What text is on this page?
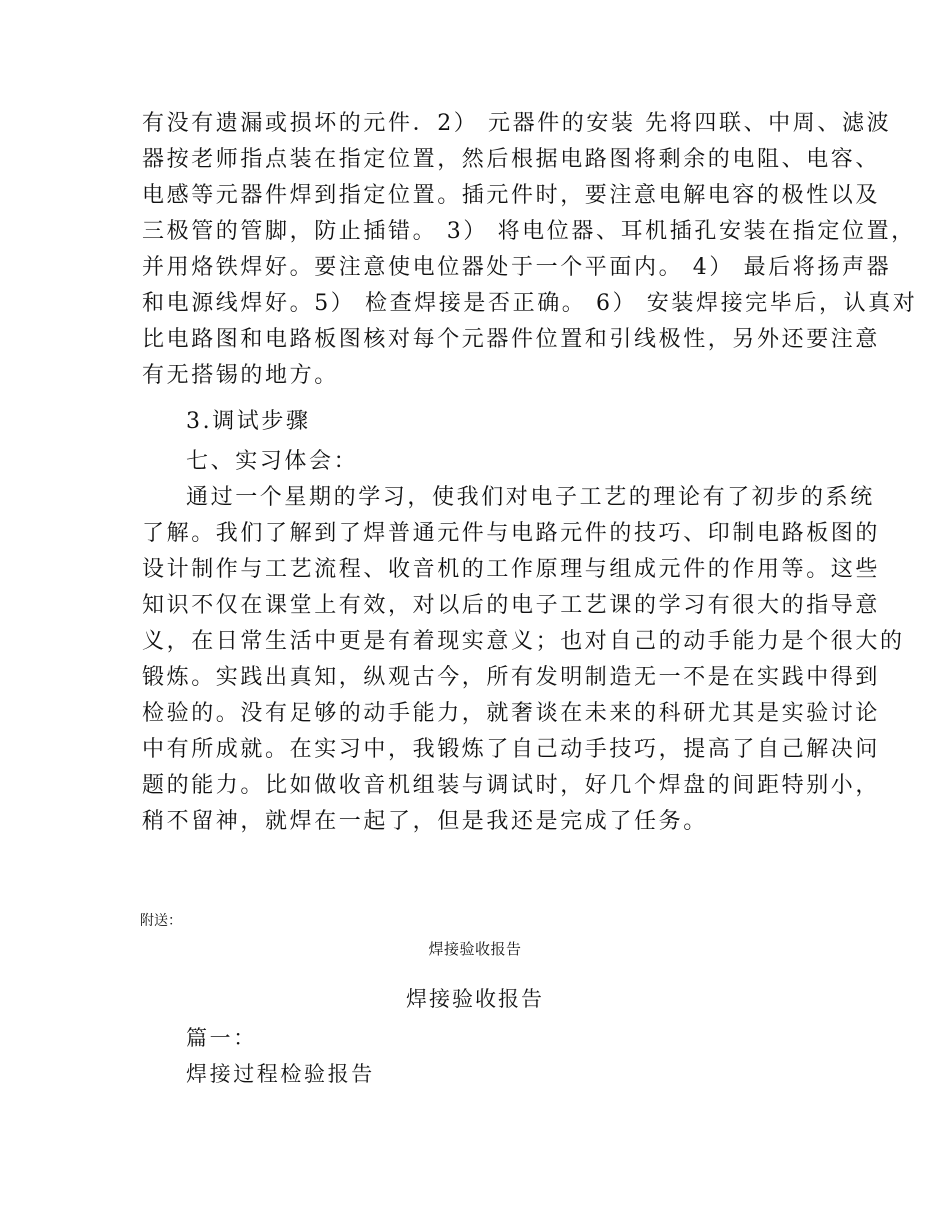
有没有遗漏或损坏的元件．2） 元器件的安装 先将四联、中周、滤波
器按老师指点装在指定位置，然后根据电路图将剩余的电阻、电容、
电感等元器件焊到指定位置。插元件时，要注意电解电容的极性以及
三极管的管脚，防止插错。 3） 将电位器、耳机插孔安装在指定位置，
并用烙铁焊好。要注意使电位器处于一个平面内。 4） 最后将扬声器
和电源线焊好。5） 检查焊接是否正确。 6） 安装焊接完毕后，认真对
比电路图和电路板图核对每个元器件位置和引线极性，另外还要注意
有无搭锡的地方。
3.调试步骤
七、实习体会：
通过一个星期的学习，使我们对电子工艺的理论有了初步的系统
了解。我们了解到了焊普通元件与电路元件的技巧、印制电路板图的
设计制作与工艺流程、收音机的工作原理与组成元件的作用等。这些
知识不仅在课堂上有效，对以后的电子工艺课的学习有很大的指导意
义，在日常生活中更是有着现实意义；也对自己的动手能力是个很大的
锻炼。实践出真知，纵观古今，所有发明制造无一不是在实践中得到
检验的。没有足够的动手能力，就奢谈在未来的科研尤其是实验讨论
中有所成就。在实习中，我锻炼了自己动手技巧，提高了自己解决问
题的能力。比如做收音机组装与调试时，好几个焊盘的间距特别小，
稍不留神，就焊在一起了，但是我还是完成了任务。
附送：
焊接验收报告
焊接验收报告
篇一：
焊接过程检验报告
